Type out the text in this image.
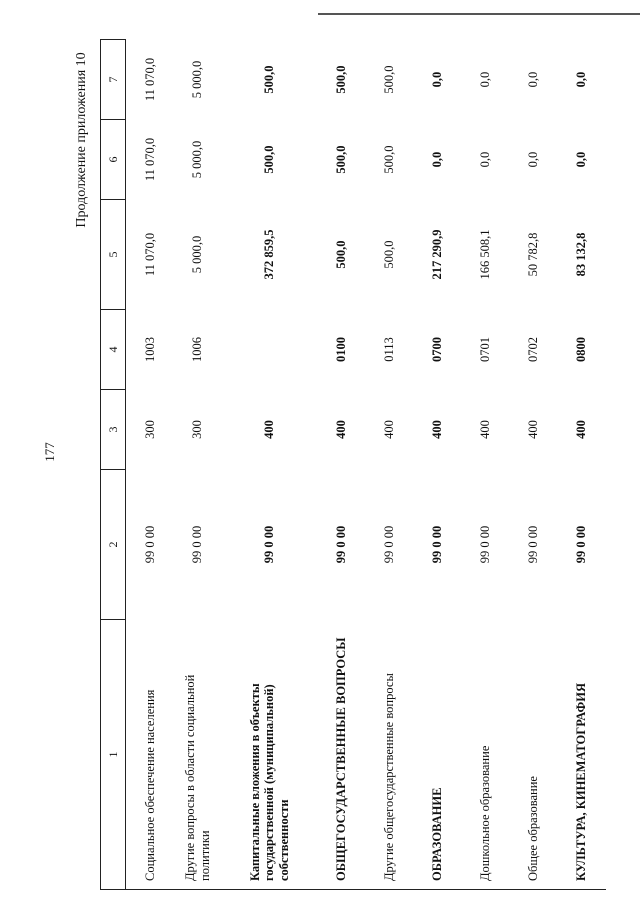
177
Продолжение приложения 10
1	2	3	4	5	6	7
Социальное обеспечение населения	99 0 00	300	1003	11 070,0	11 070,0	11 070,0
Другие вопросы в области социальной политики	99 0 00	300	1006	5 000,0	5 000,0	5 000,0
Капитальные вложения в объекты государственной (муниципальной) собственности	99 0 00	400		372 859,5	500,0	500,0
ОБЩЕГОСУДАРСТВЕННЫЕ ВОПРОСЫ	99 0 00	400	0100	500,0	500,0	500,0
Другие общегосударственные вопросы	99 0 00	400	0113	500,0	500,0	500,0
ОБРАЗОВАНИЕ	99 0 00	400	0700	217 290,9	0,0	0,0
Дошкольное образование	99 0 00	400	0701	166 508,1	0,0	0,0
Общее образование	99 0 00	400	0702	50 782,8	0,0	0,0
КУЛЬТУРА, КИНЕМАТОГРАФИЯ	99 0 00	400	0800	83 132,8	0,0	0,0
